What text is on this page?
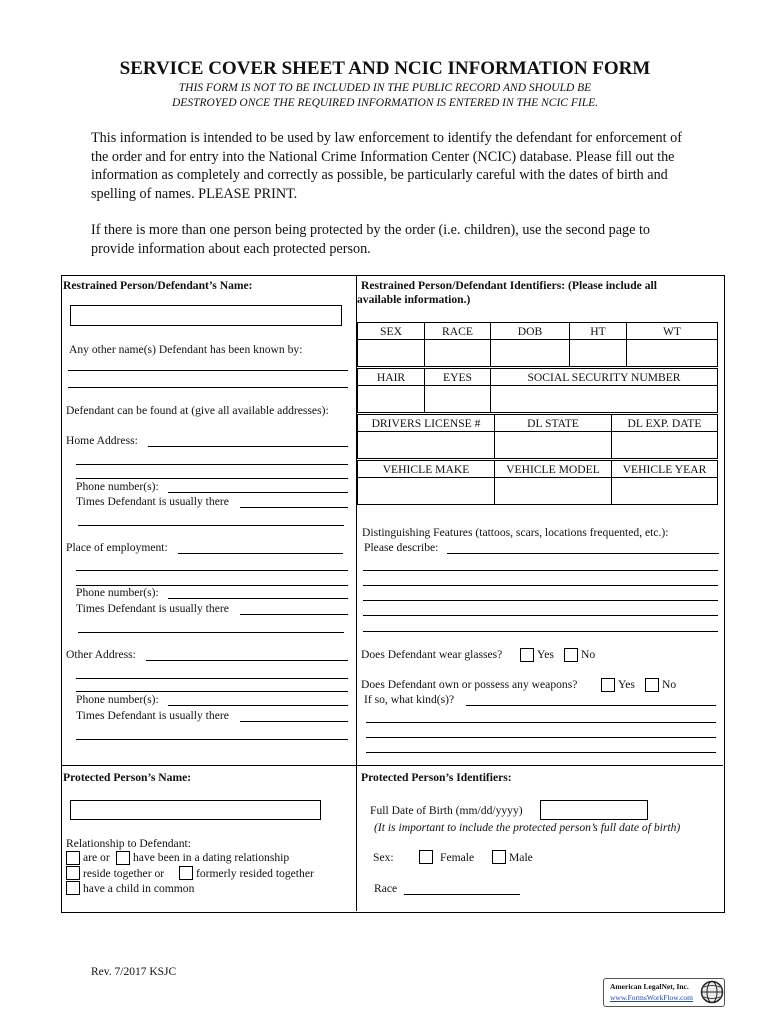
SERVICE COVER SHEET AND NCIC INFORMATION FORM
THIS FORM IS NOT TO BE INCLUDED IN THE PUBLIC RECORD AND SHOULD BE
DESTROYED ONCE THE REQUIRED INFORMATION IS ENTERED IN THE NCIC FILE.
This information is intended to be used by law enforcement to identify the defendant for enforcement of the order and for entry into the National Crime Information Center (NCIC) database. Please fill out the information as completely and correctly as possible, be particularly careful with the dates of birth and spelling of names. PLEASE PRINT.
If there is more than one person being protected by the order (i.e. children), use the second page to provide information about each protected person.
Restrained Person/Defendant’s Name:
Any other name(s) Defendant has been known by:
Defendant can be found at (give all available addresses):
Home Address:
Phone number(s):
Times Defendant is usually there
Place of employment:
Phone number(s):
Times Defendant is usually there
Other Address:
Phone number(s):
Times Defendant is usually there
Restrained Person/Defendant Identifiers: (Please include all
available information.)
SEX	RACE	DOB	HT	WT

HAIR	EYES	SOCIAL SECURITY NUMBER

DRIVERS LICENSE #	DL STATE	DL EXP. DATE

VEHICLE MAKE	VEHICLE MODEL	VEHICLE YEAR

Distinguishing Features (tattoos, scars, locations frequented, etc.):
Please describe:
Does Defendant wear glasses?	Yes No
Does Defendant own or possess any weapons?	Yes No
If so, what kind(s)?
Protected Person’s Name:
Relationship to Defendant:
are or have been in a dating relationship
reside together or	formerly resided together
have a child in common
Protected Person’s Identifiers:
Full Date of Birth (mm/dd/yyyy)
(It is important to include the protected person’s full date of birth)
Sex:	Female	Male
Race
Rev. 7/2017 KSJC
American LegalNet, Inc.
www.FormsWorkFlow.com
